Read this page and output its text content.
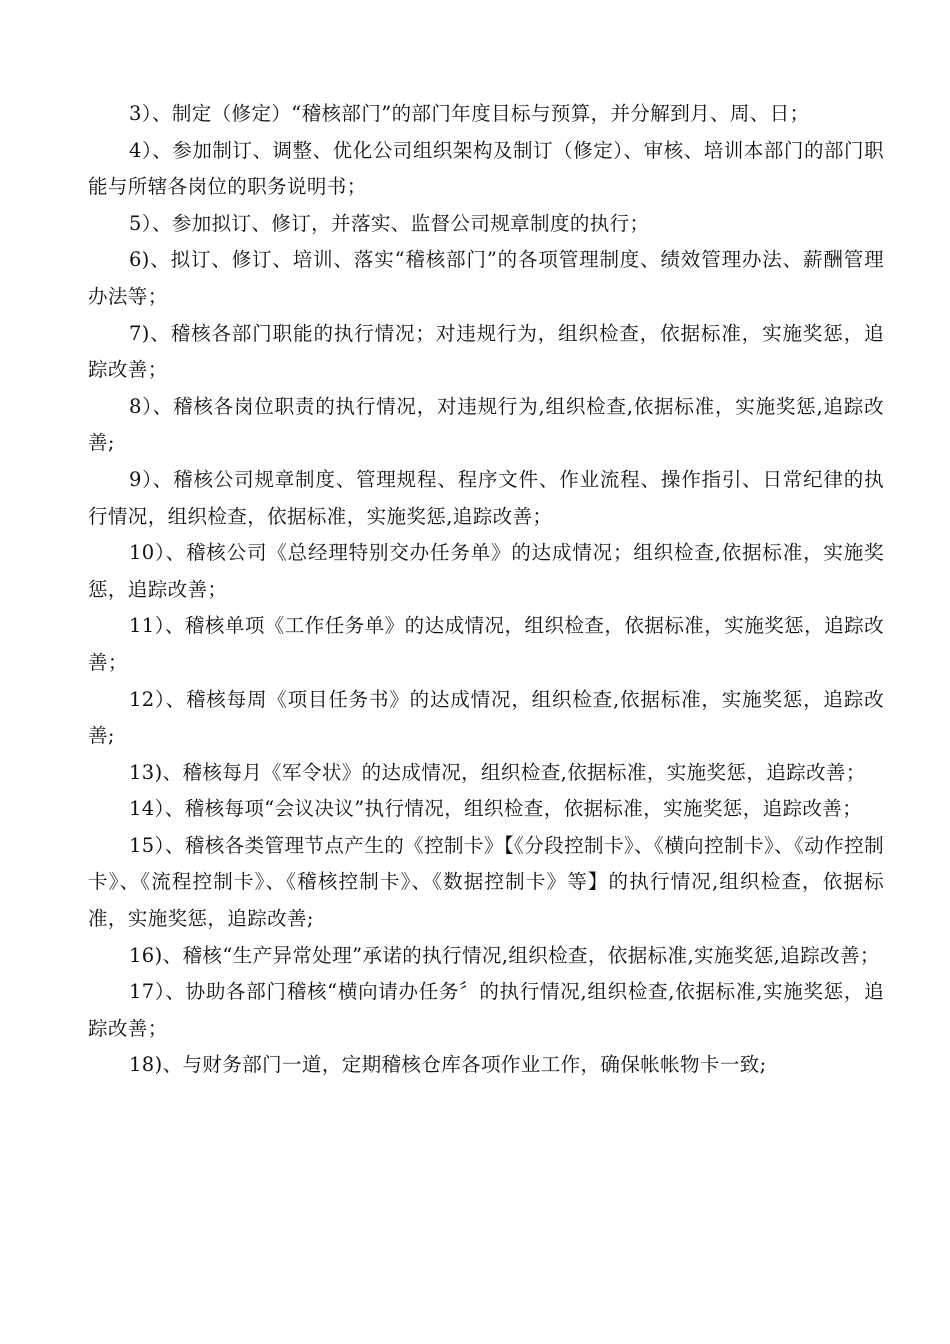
3）、制定（修定）“稽核部门”的部门年度目标与预算，并分解到月、周、日；

4）、参加制订、调整、优化公司组织架构及制订（修定）、审核、培训本部门的部门职能与所辖各岗位的职务说明书；

5）、参加拟订、修订，并落实、监督公司规章制度的执行；

6)、拟订、修订、培训、落实“稽核部门”的各项管理制度、绩效管理办法、薪酬管理办法等；

7)、稽核各部门职能的执行情况；对违规行为，组织检查，依据标准，实施奖惩，追踪改善；

8）、稽核各岗位职责的执行情况，对违规行为,组织检查,依据标准，实施奖惩,追踪改善;

9）、稽核公司规章制度、管理规程、程序文件、作业流程、操作指引、日常纪律的执行情况，组织检查，依据标准，实施奖惩,追踪改善；

10）、稽核公司《总经理特别交办任务单》的达成情况；组织检查,依据标准，实施奖惩，追踪改善；

11）、稽核单项《工作任务单》的达成情况，组织检查，依据标准，实施奖惩，追踪改善；

12）、稽核每周《项目任务书》的达成情况，组织检查,依据标准，实施奖惩，追踪改善;

13)、稽核每月《军令状》的达成情况，组织检查,依据标准，实施奖惩，追踪改善；

14）、稽核每项“会议决议”执行情况，组织检查，依据标准，实施奖惩，追踪改善；

15）、稽核各类管理节点产生的《控制卡》【《分段控制卡》、《横向控制卡》、《动作控制卡》、《流程控制卡》、《稽核控制卡》、《数据控制卡》等】的执行情况,组织检查，依据标准，实施奖惩，追踪改善;

16)、稽核“生产异常处理”承诺的执行情况,组织检查，依据标准,实施奖惩,追踪改善；

17）、协助各部门稽核“横向请办任务〞的执行情况,组织检查,依据标准,实施奖惩，追踪改善；

18)、与财务部门一道，定期稽核仓库各项作业工作，确保帐帐物卡一致;
